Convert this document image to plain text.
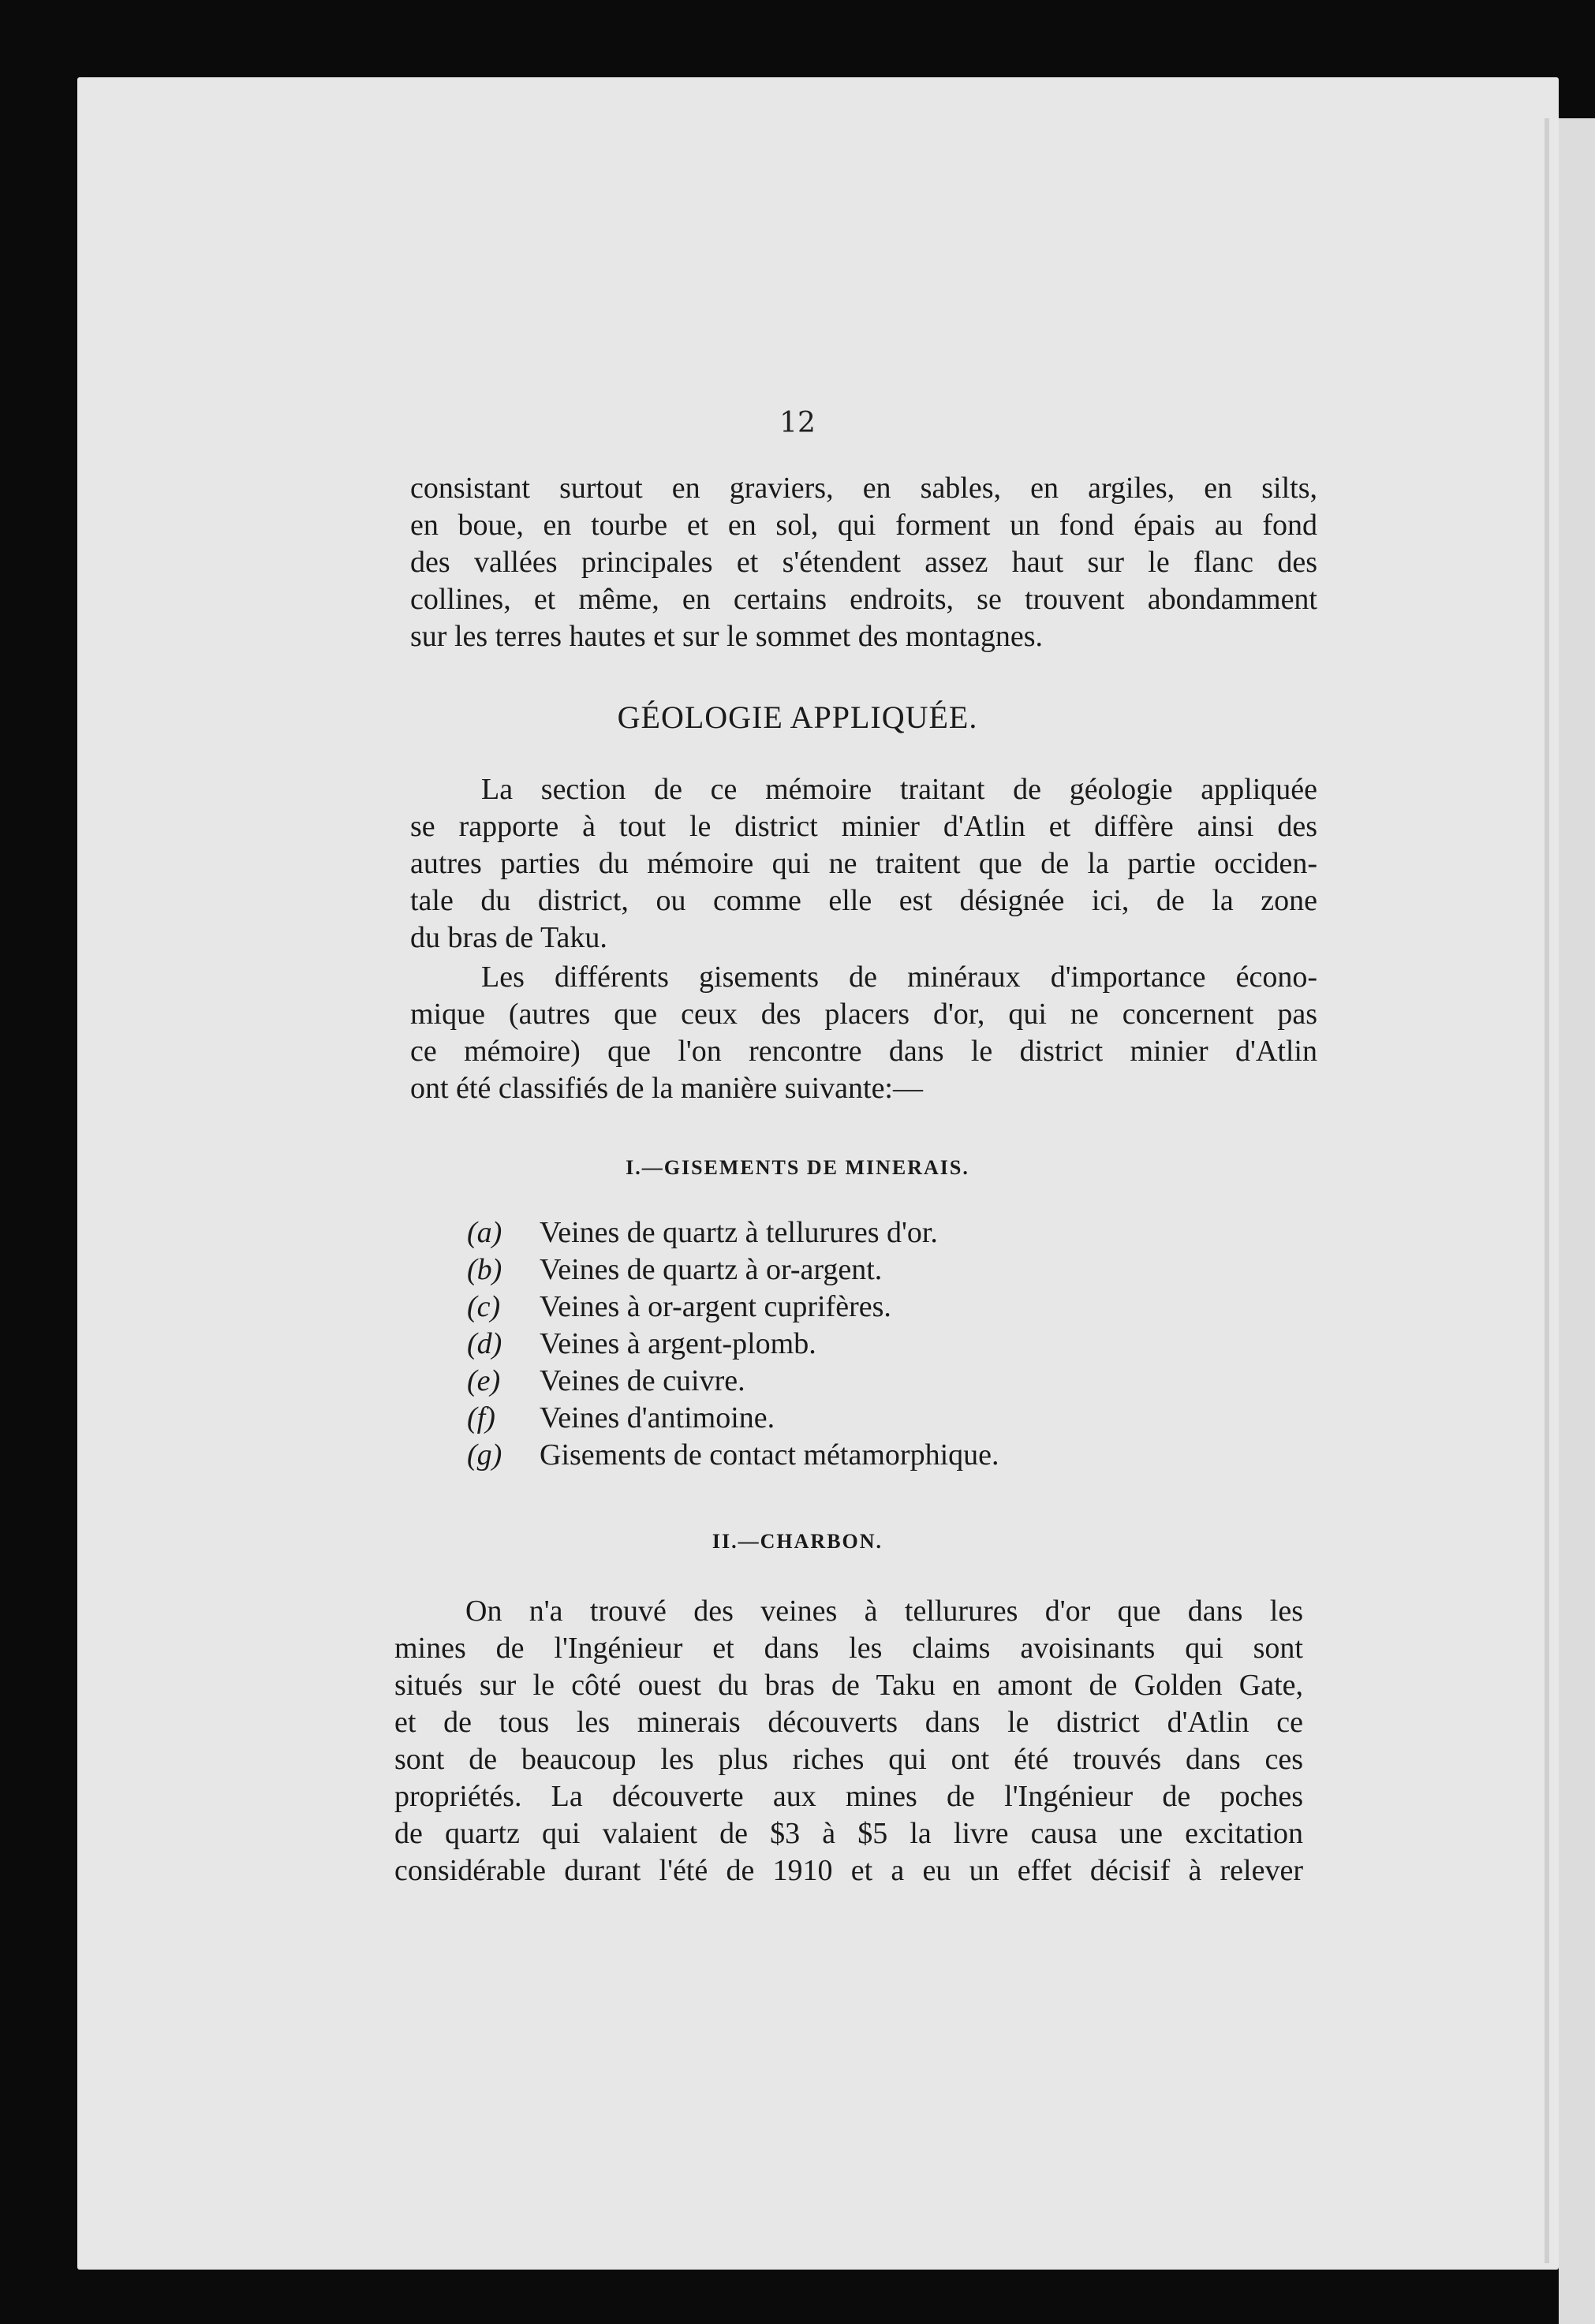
12
consistant surtout en graviers, en sables, en argiles, en silts,
en boue, en tourbe et en sol, qui forment un fond épais au fond
des vallées principales et s'étendent assez haut sur le flanc des
collines, et même, en certains endroits, se trouvent abondamment
sur les terres hautes et sur le sommet des montagnes.
GÉOLOGIE APPLIQUÉE.
La section de ce mémoire traitant de géologie appliquée
se rapporte à tout le district minier d'Atlin et diffère ainsi des
autres parties du mémoire qui ne traitent que de la partie occiden-
tale du district, ou comme elle est désignée ici, de la zone
du bras de Taku.
Les différents gisements de minéraux d'importance écono-
mique (autres que ceux des placers d'or, qui ne concernent pas
ce mémoire) que l'on rencontre dans le district minier d'Atlin
ont été classifiés de la manière suivante:—
I.—GISEMENTS DE MINERAIS.
(a)	Veines de quartz à tellurures d'or.
(b)	Veines de quartz à or-argent.
(c)	Veines à or-argent cuprifères.
(d)	Veines à argent-plomb.
(e)	Veines de cuivre.
(f)	Veines d'antimoine.
(g)	Gisements de contact métamorphique.
II.—CHARBON.
On n'a trouvé des veines à tellurures d'or que dans les
mines de l'Ingénieur et dans les claims avoisinants qui sont
situés sur le côté ouest du bras de Taku en amont de Golden Gate,
et de tous les minerais découverts dans le district d'Atlin ce
sont de beaucoup les plus riches qui ont été trouvés dans ces
propriétés. La découverte aux mines de l'Ingénieur de poches
de quartz qui valaient de $3 à $5 la livre causa une excitation
considérable durant l'été de 1910 et a eu un effet décisif à relever
